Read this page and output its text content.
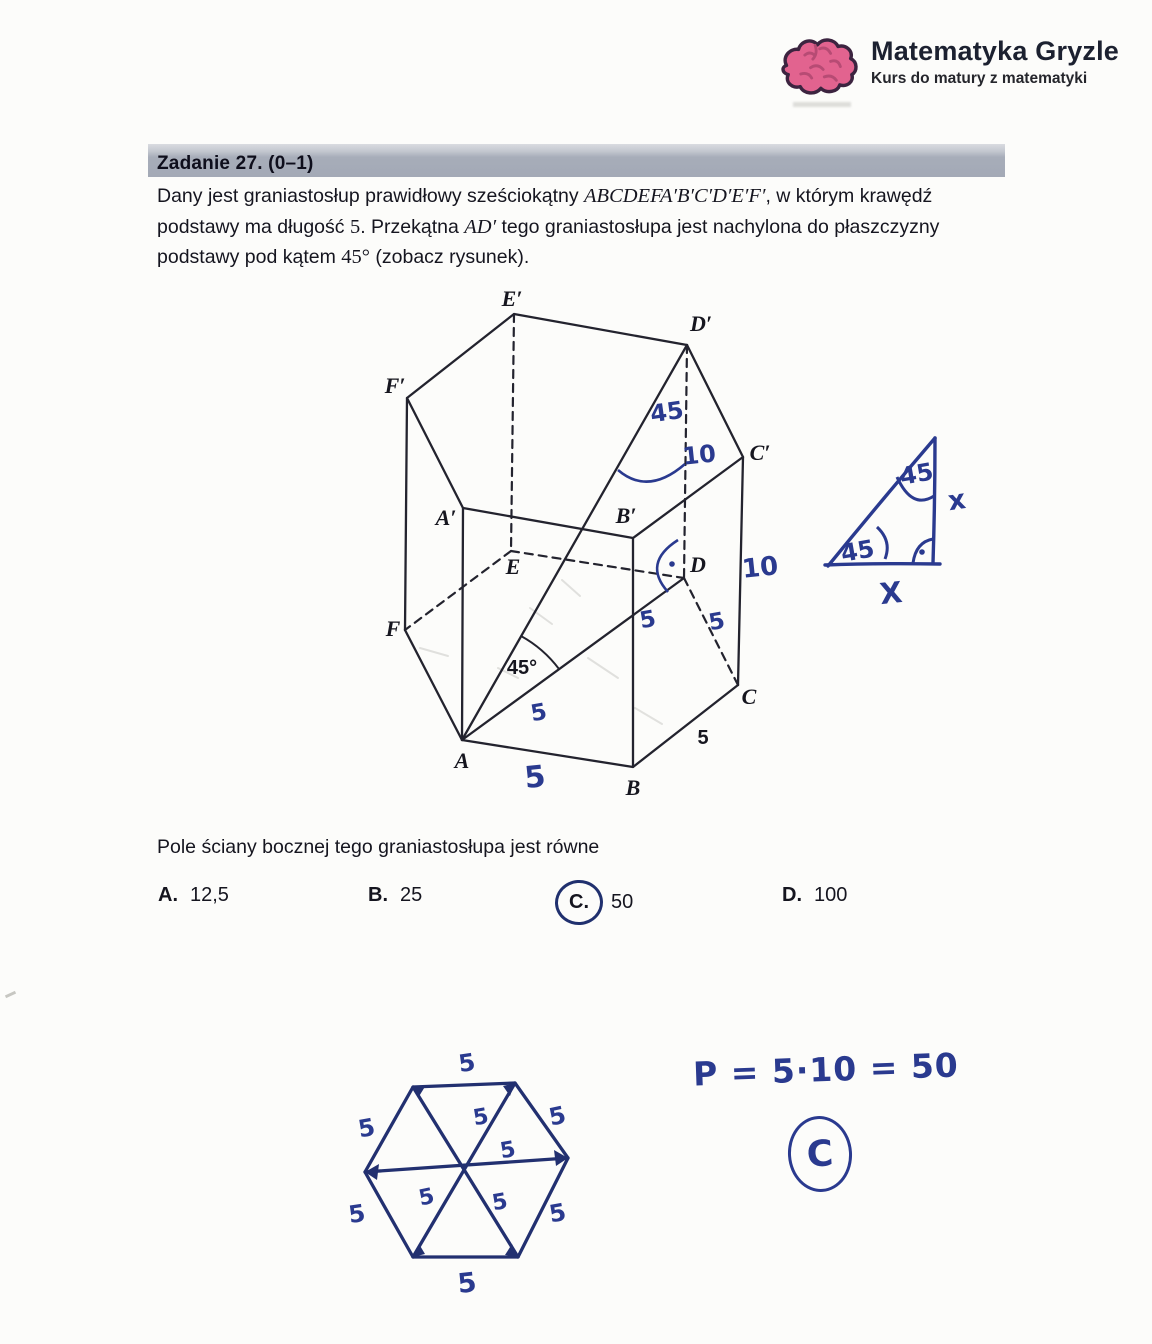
Matematyka Gryzle
Kurs do matury z matematyki
Zadanie 27. (0–1)
Dany jest graniastosłup prawidłowy sześciokątny ABCDEFA′B′C′D′E′F′, w którym krawędź
podstawy ma długość 5. Przekątna AD′ tego graniastosłupa jest nachylona do płaszczyzny
podstawy pod kątem 45° (zobacz rysunek).
E′
D′
F′
C′
A′	B′
E	D
F
C
A
B
45°
5
45
10
10
5 5
5
5
45
45
x
X
Pole ściany bocznej tego graniastosłupa jest równe
A. 12,5	B. 25	C. 50	D. 100
5
5
5
5	5
5
5
5
5 5
P = 5·10 = 50
C
